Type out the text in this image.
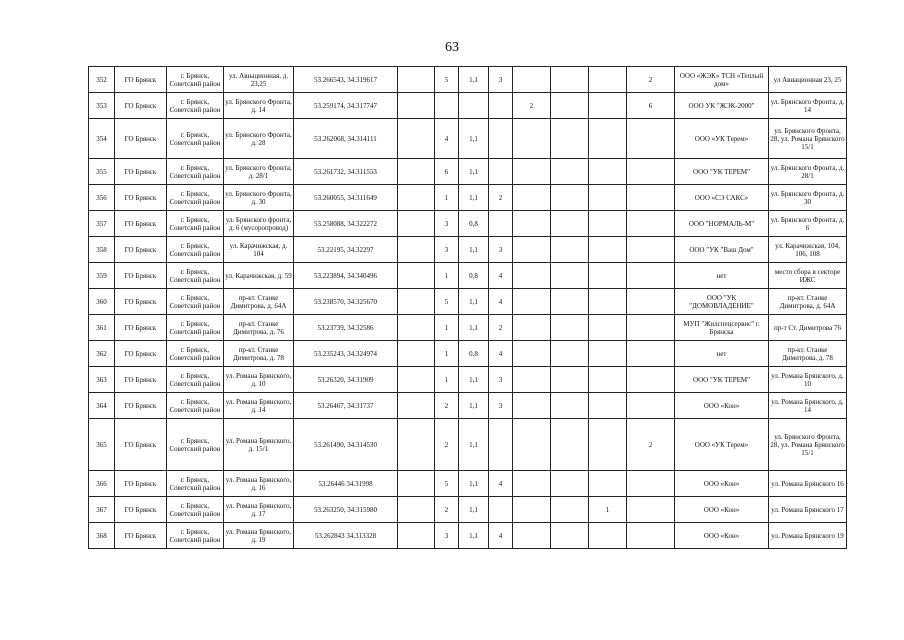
63
352	ГО Брянск	г. Брянск, Советский район	ул. Авиационная, д. 23,25	53.266543, 34.319617		5	1,1	3				2	ООО «ЖЭК» ТСН «Теплый дом»	ул Авиационная 23, 25
353	ГО Брянск	г. Брянск, Советский район	ул. Брянского Фронта, д. 14	53.259174, 34.317747					2			6	ООО УК "ЖЭК-2000"	ул. Брянского Фронта, д. 14
354	ГО Брянск	г. Брянск, Советский район	ул. Брянского Фронта, д. 28	53.262068, 34.314111		4	1,1						ООО «УК Терем»	ул. Брянского Фронта, 28, ул. Романа Брянского 15/1
355	ГО Брянск	г. Брянск, Советский район	ул. Брянского Фронта, д. 28/1	53.261732, 34.311553		6	1,1						ООО "УК ТЕРЕМ"	ул. Брянского Фронта, д. 28/1
356	ГО Брянск	г. Брянск, Советский район	ул. Брянского Фронта, д. 30	53.260055, 34.311649		1	1,1	2					ООО «СЭ САКС»	ул. Брянского Фронта, д. 30
357	ГО Брянск	г. Брянск, Советский район	ул. Брянского фронта, д. 6 (мусоропровод)	53.258088, 34.322272		3	0,8						ООО "НОРМАЛЬ-М"	ул. Брянского Фронта, д. 6
358	ГО Брянск	г. Брянск, Советский район	ул. Карачижская, д. 104	53.22195, 34.32297		3	1,1	3					ООО "УК "Ваш Дом"	ул. Карачижская, 104, 106, 108
359	ГО Брянск	г. Брянск, Советский район	ул. Карачижская, д. 59	53.223894, 34.340496		1	0,8	4					нет	место сбора в секторе ИЖС
360	ГО Брянск	г. Брянск, Советский район	пр-кт. Станке Димитрова, д. 64А	53.238570, 34.325670		5	1,1	4					ООО "УК "ДОМОВЛАДЕНИЕ"	пр-кт. Станке Димитрова, д. 64А
361	ГО Брянск	г. Брянск, Советский район	пр-кт. Станке Димитрова, д. 76	53.23739, 34.32586		1	1,1	2					МУП "Жилспецсервис" г. Брянска	пр-т Ст. Димитрова 76
362	ГО Брянск	г. Брянск, Советский район	пр-кт. Станке Димитрова, д. 78	53.235243, 34.324974		1	0,8	4					нет	пр-кт. Станке Димитрова, д. 78
363	ГО Брянск	г. Брянск, Советский район	ул. Романа Брянского, д. 10	53.26320, 34.31909		1	1,1	3					ООО "УК ТЕРЕМ"	ул. Романа Брянского, д. 10
364	ГО Брянск	г. Брянск, Советский район	ул. Романа Брянского, д. 14	53.26467, 34.31737		2	1,1	3					ООО «Кон»	ул. Романа Брянского, д. 14
365	ГО Брянск	г. Брянск, Советский район	ул. Романа Брянского, д. 15/1	53.261490, 34.314530		2	1,1					2	ООО «УК Терем»	ул. Брянского Фронта, 28, ул. Романа Брянского 15/1
366	ГО Брянск	г. Брянск, Советский район	ул. Романа Брянского, д. 16	53.26446 34.31998		5	1,1	4					ООО «Кон»	ул. Романа Брянского 16
367	ГО Брянск	г. Брянск, Советский район	ул. Романа Брянского, д. 17	53.263250, 34.315980		2	1,1				1		ООО «Кон»	ул. Романа Брянского 17
368	ГО Брянск	г. Брянск, Советский район	ул. Романа Брянского, д. 19	53.262843 34.313328		3	1,1	4					ООО «Кон»	ул. Романа Брянского 19
